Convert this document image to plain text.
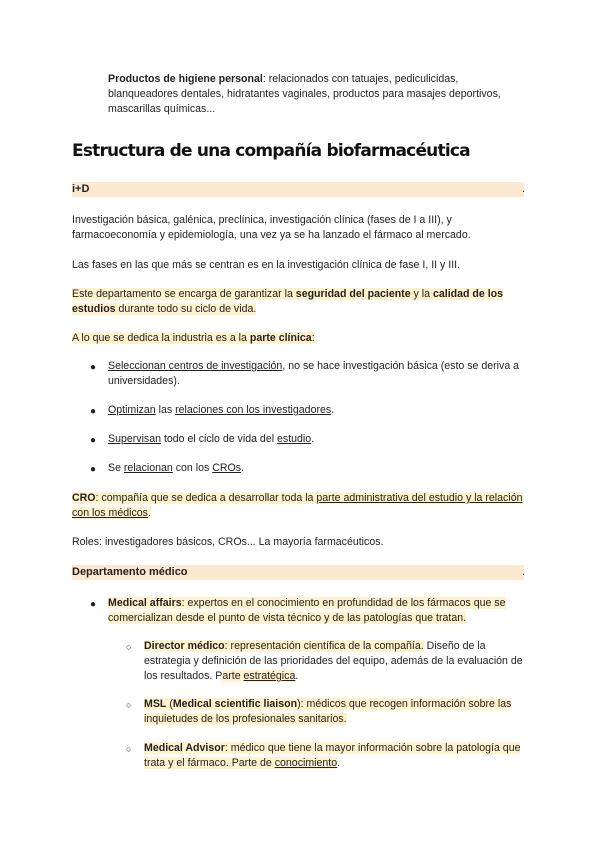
Productos de higiene personal: relacionados con tatuajes, pediculicidas, blanqueadores dentales, hidratantes vaginales, productos para masajes deportivos, mascarillas químicas...

Estructura de una compañía biofarmacéutica
i+D	.

Investigación básica, galénica, preclínica, investigación clínica (fases de I a III), y farmacoeconomía y epidemiología, una vez ya se ha lanzado el fármaco al mercado.

Las fases en las que más se centran es en la investigación clínica de fase I, II y III.

Este departamento se encarga de garantizar la seguridad del paciente y la calidad de los estudios durante todo su ciclo de vida.

A lo que se dedica la industria es a la parte clínica:

● Seleccionan centros de investigación, no se hace investigación básica (esto se deriva a universidades).

● Optimizan las relaciones con los investigadores.

● Supervisan todo el ciclo de vida del estudio.

● Se relacionan con los CROs.

CRO: compañía que se dedica a desarrollar toda la parte administrativa del estudio y la relación con los médicos.

Roles: investigadores básicos, CROs... La mayoría farmacéuticos.

Departamento médico	.
● Medical affairs: expertos en el conocimiento en profundidad de los fármacos que se comercializan desde el punto de vista técnico y de las patologías que tratan.

○ Director médico: representación científica de la compañía. Diseño de la estrategia y definición de las prioridades del equipo, además de la evaluación de los resultados. Parte estratégica.

○ MSL (Medical scientific liaison): médicos que recogen información sobre las inquietudes de los profesionales sanitarios.

○ Medical Advisor: médico que tiene la mayor información sobre la patología que trata y el fármaco. Parte de conocimiento.
